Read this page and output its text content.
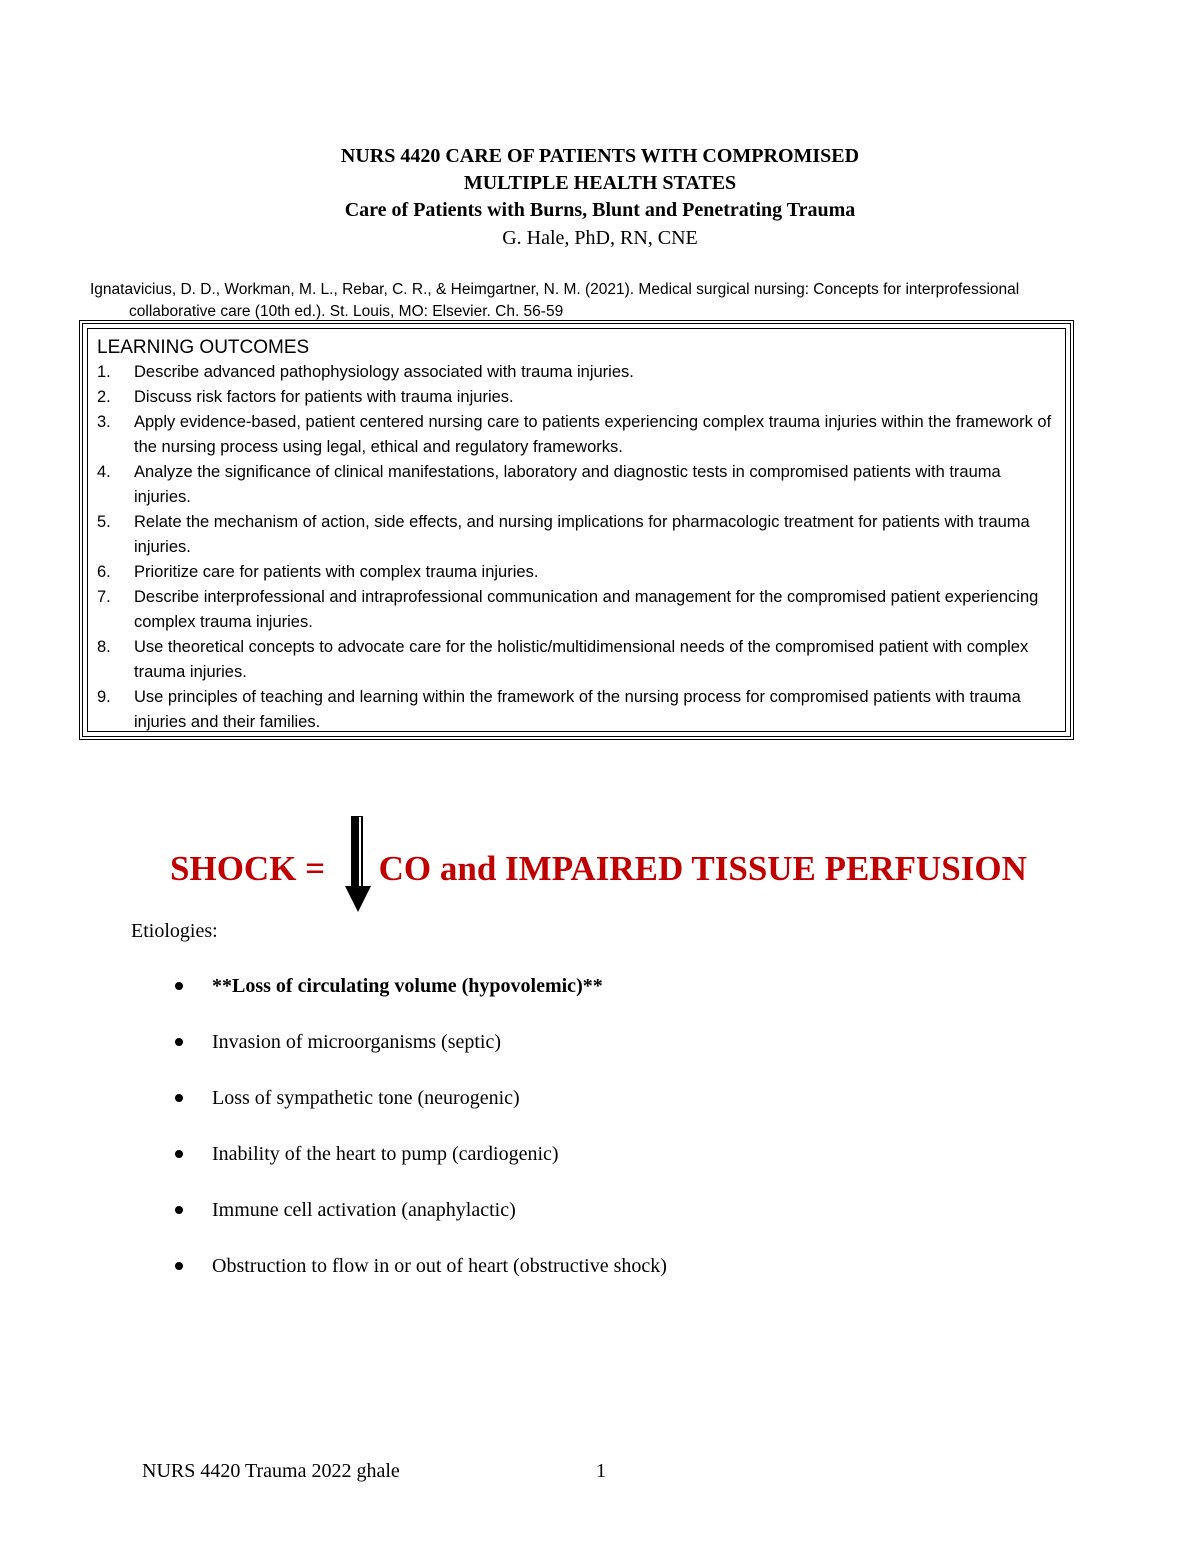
NURS 4420 CARE OF PATIENTS WITH COMPROMISED
MULTIPLE HEALTH STATES
Care of Patients with Burns, Blunt and Penetrating Trauma
G. Hale, PhD, RN, CNE
Ignatavicius, D. D., Workman, M. L., Rebar, C. R., & Heimgartner, N. M. (2021). Medical surgical nursing: Concepts for interprofessional collaborative care (10th ed.). St. Louis, MO: Elsevier. Ch. 56-59
LEARNING OUTCOMES
1. Describe advanced pathophysiology associated with trauma injuries.
2. Discuss risk factors for patients with trauma injuries.
3. Apply evidence-based, patient centered nursing care to patients experiencing complex trauma injuries within the framework of the nursing process using legal, ethical and regulatory frameworks.
4. Analyze the significance of clinical manifestations, laboratory and diagnostic tests in compromised patients with trauma injuries.
5. Relate the mechanism of action, side effects, and nursing implications for pharmacologic treatment for patients with trauma injuries.
6. Prioritize care for patients with complex trauma injuries.
7. Describe interprofessional and intraprofessional communication and management for the compromised patient experiencing complex trauma injuries.
8. Use theoretical concepts to advocate care for the holistic/multidimensional needs of the compromised patient with complex trauma injuries.
9. Use principles of teaching and learning within the framework of the nursing process for compromised patients with trauma injuries and their families.
SHOCK = CO and IMPAIRED TISSUE PERFUSION
Etiologies:
**Loss of circulating volume (hypovolemic)**
Invasion of microorganisms (septic)
Loss of sympathetic tone (neurogenic)
Inability of the heart to pump (cardiogenic)
Immune cell activation (anaphylactic)
Obstruction to flow in or out of heart (obstructive shock)
NURS 4420 Trauma 2022 ghale	1
